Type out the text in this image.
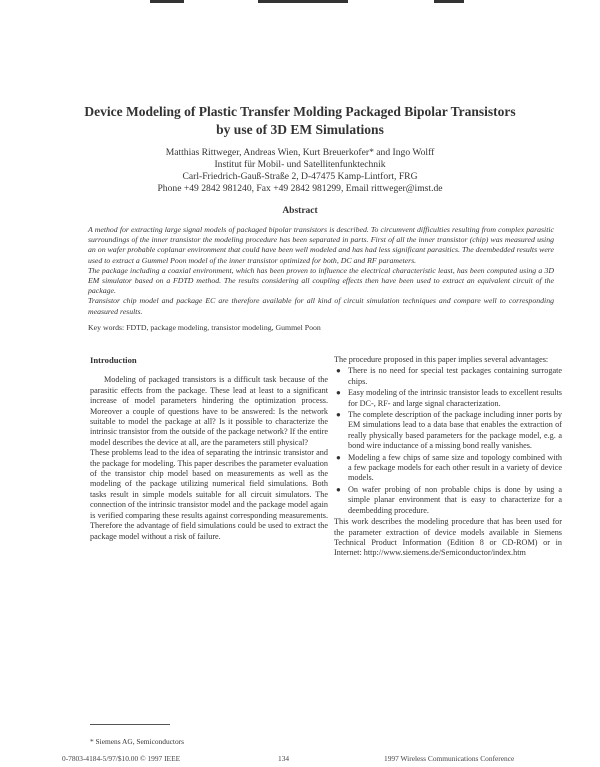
Device Modeling of Plastic Transfer Molding Packaged Bipolar Transistors
by use of 3D EM Simulations
Matthias Rittweger, Andreas Wien, Kurt Breuerkofer* and Ingo Wolff
Institut für Mobil- und Satellitenfunktechnik
Carl-Friedrich-Gauß-Straße 2, D-47475 Kamp-Lintfort, FRG
Phone +49 2842 981240, Fax +49 2842 981299, Email rittweger@imst.de
Abstract

A method for extracting large signal models of packaged bipolar transistors is described. To circumvent difficulties resulting from complex parasitic surroundings of the inner transistor the modeling procedure has been separated in parts. First of all the inner transistor (chip) was measured using an on wafer probable coplanar environment that could have been well modeled and has had less significant parasitics. The deembedded results were used to extract a Gummel Poon model of the inner transistor optimized for both, DC and RF parameters.

The package including a coaxial environment, which has been proven to influence the electrical characteristic least, has been computed using a 3D EM simulator based on a FDTD method. The results considering all coupling effects then have been used to extract an equivalent circuit of the package.

Transistor chip model and package EC are therefore available for all kind of circuit simulation techniques and compare well to corresponding measured results.

Key words: FDTD, package modeling, transistor modeling, Gummel Poon

Introduction

Modeling of packaged transistors is a difficult task because of the parasitic effects from the package. These lead at least to a significant increase of model parameters hindering the optimization process. Moreover a couple of questions have to be answered: Is the network suitable to model the package at all? Is it possible to characterize the intrinsic transistor from the outside of the package network? If the entire model describes the device at all, are the parameters still physical?

These problems lead to the idea of separating the intrinsic transistor and the package for modeling. This paper describes the parameter evaluation of the transistor chip model based on measurements as well as the modeling of the package utilizing numerical field simulations. Both tasks result in simple models suitable for all circuit simulators. The connection of the intrinsic transistor model and the package model again is verified comparing these results against corresponding measurements. Therefore the advantage of field simulations could be used to extract the package model without a risk of failure.

The procedure proposed in this paper implies several advantages:

● There is no need for special test packages containing surrogate chips.
● Easy modeling of the intrinsic transistor leads to excellent results for DC-, RF- and large signal characterization.
● The complete description of the package including inner ports by EM simulations lead to a data base that enables the extraction of really physically based parameters for the package model, e.g. a bond wire inductance of a missing bond really vanishes.
● Modeling a few chips of same size and topology combined with a few package models for each other result in a variety of device models.
● On wafer probing of non probable chips is done by using a simple planar environment that is easy to characterize for a deembedding procedure.

This work describes the modeling procedure that has been used for the parameter extraction of device models available in Siemens Technical Product Information (Edition 8 or CD-ROM) or in Internet: http://www.siemens.de/Semiconductor/index.htm

* Siemens AG, Semiconductors
0-7803-4184-5/97/$10.00 © 1997 IEEE	134	1997 Wireless Communications Conference
